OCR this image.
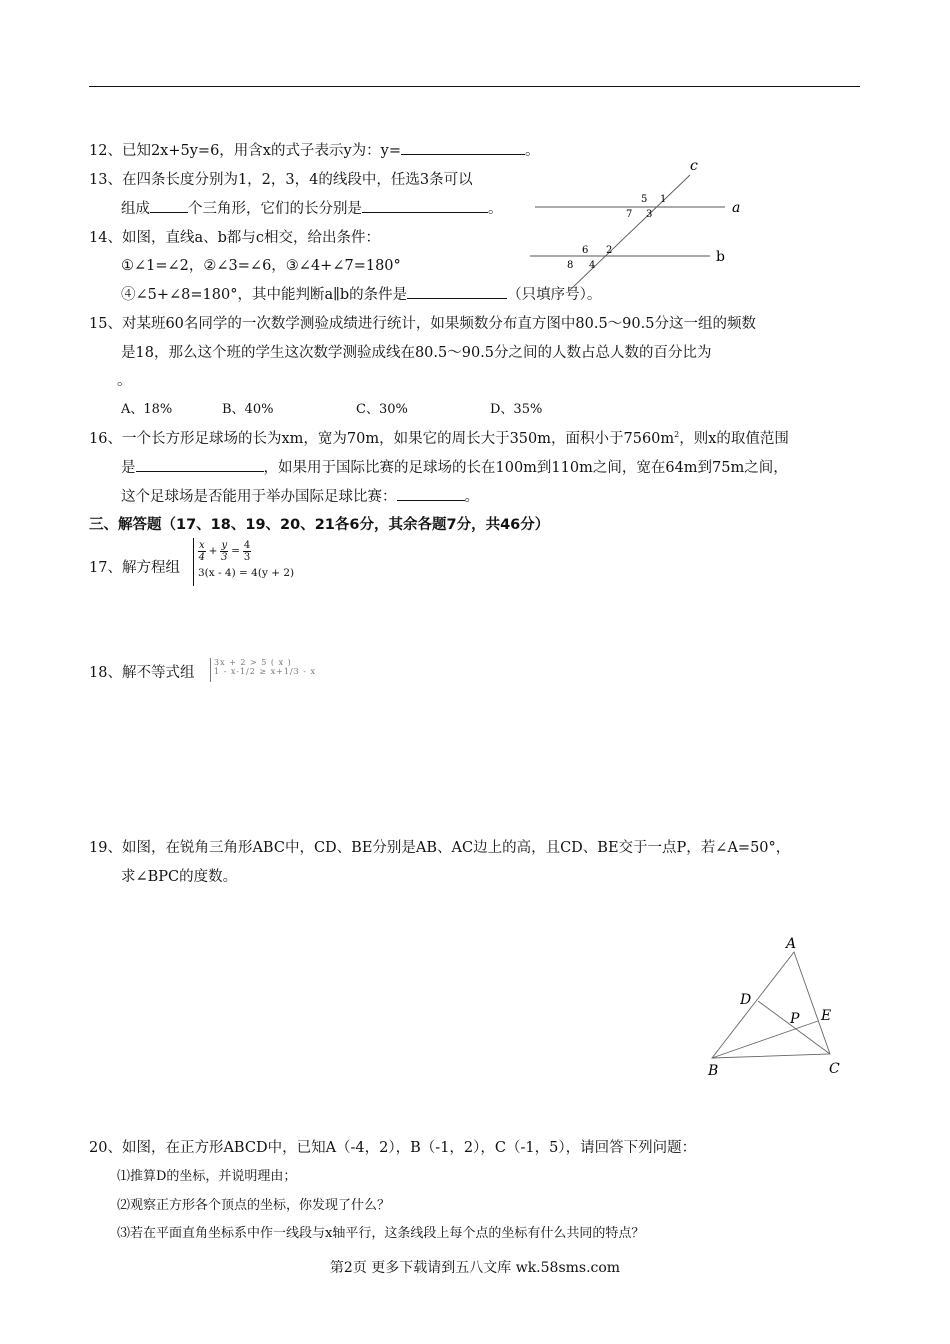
12、已知2x+5y=6，用含x的式子表示y为：y=	。
13、在四条长度分别为1，2，3，4的线段中，任选3条可以
组成	个三角形，它们的长分别是	。
14、如图，直线a、b都与c相交，给出条件：
①∠1=∠2，②∠3=∠6，③∠4+∠7=180°
④∠5+∠8=180°，其中能判断a∥b的条件是	（只填序号）。
c
a
b
5 1
7 3
6 2
8 4
15、对某班60名同学的一次数学测验成绩进行统计，如果频数分布直方图中80.5～90.5分这一组的频数
是18，那么这个班的学生这次数学测验成线在80.5～90.5分之间的人数占总人数的百分比为
。
A、18%	B、40%	C、30%	D、35%
16、一个长方形足球场的长为xm，宽为70m，如果它的周长大于350m，面积小于$7560m^2$，则x的取值范围
是	，如果用于国际比赛的足球场的长在100m到110m之间，宽在64m到75m之间，
这个足球场是否能用于举办国际足球比赛：	。
三、解答题（17、18、19、20、21各6分，其余各题7分，共46分）
17、解方程组
$\frac{x}{4} + \frac{y}{3} = \frac{4}{3}$
3(x - 4) = 4(y + 2)
18、解不等式组
3x + 2 > 5 ( x )
1 - x-1/2 ≥ x+1/3 - x
19、如图，在锐角三角形ABC中，CD、BE分别是AB、AC边上的高，且CD、BE交于一点P，若∠A=50°，
求∠BPC的度数。
A
B	C
D
E
P
20、如图，在正方形ABCD中，已知A（-4，2），B（-1，2），C（-1，5），请回答下列问题：
⑴推算D的坐标，并说明理由；
⑵观察正方形各个顶点的坐标，你发现了什么？
⑶若在平面直角坐标系中作一线段与x轴平行，这条线段上每个点的坐标有什么共同的特点？
第2页 更多下载请到五八文库 wk.58sms.com
